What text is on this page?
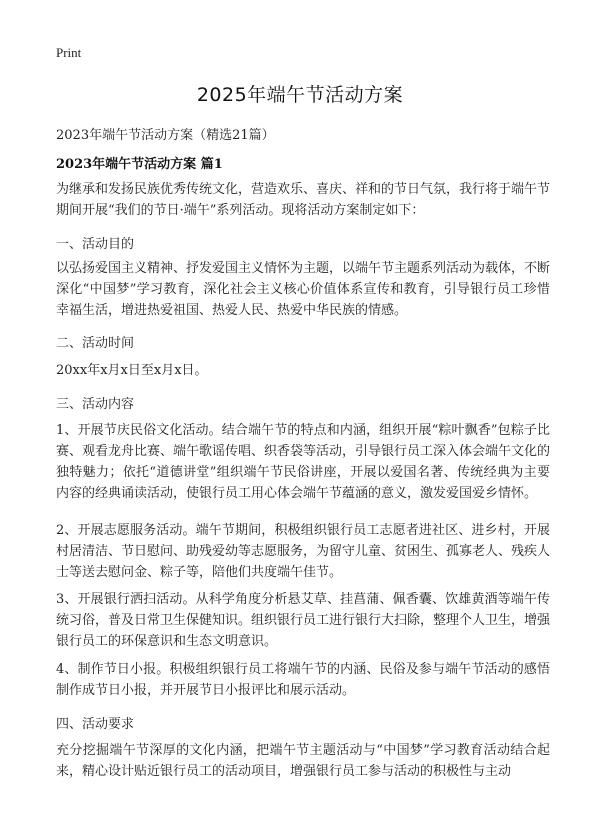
Print
2025年端午节活动方案
2023年端午节活动方案（精选21篇）
2023年端午节活动方案 篇1

为继承和发扬民族优秀传统文化，营造欢乐、喜庆、祥和的节日气氛，我行将于端午节期间开展“我们的节日·端午”系列活动。现将活动方案制定如下：

一、活动目的

以弘扬爱国主义精神、抒发爱国主义情怀为主题，以端午节主题系列活动为载体，不断深化“中国梦”学习教育，深化社会主义核心价值体系宣传和教育，引导银行员工珍惜幸福生活，增进热爱祖国、热爱人民、热爱中华民族的情感。

二、活动时间

20xx年x月x日至x月x日。

三、活动内容

1、开展节庆民俗文化活动。结合端午节的特点和内涵，组织开展“粽叶飘香”包粽子比赛、观看龙舟比赛、端午歌谣传唱、织香袋等活动，引导银行员工深入体会端午文化的独特魅力；依托“道德讲堂”组织端午节民俗讲座，开展以爱国名著、传统经典为主要内容的经典诵读活动，使银行员工用心体会端午节蕴涵的意义，激发爱国爱乡情怀。

2、开展志愿服务活动。端午节期间，积极组织银行员工志愿者进社区、进乡村，开展村居清洁、节日慰问、助残爱幼等志愿服务，为留守儿童、贫困生、孤寡老人、残疾人士等送去慰问金、粽子等，陪他们共度端午佳节。

3、开展银行洒扫活动。从科学角度分析悬艾草、挂菖蒲、佩香囊、饮雄黄酒等端午传统习俗，普及日常卫生保健知识。组织银行员工进行银行大扫除，整理个人卫生，增强银行员工的环保意识和生态文明意识。

4、制作节日小报。积极组织银行员工将端午节的内涵、民俗及参与端午节活动的感悟制作成节日小报，并开展节日小报评比和展示活动。

四、活动要求

充分挖掘端午节深厚的文化内涵，把端午节主题活动与“中国梦”学习教育活动结合起来，精心设计贴近银行员工的活动项目，增强银行员工参与活动的积极性与主动
